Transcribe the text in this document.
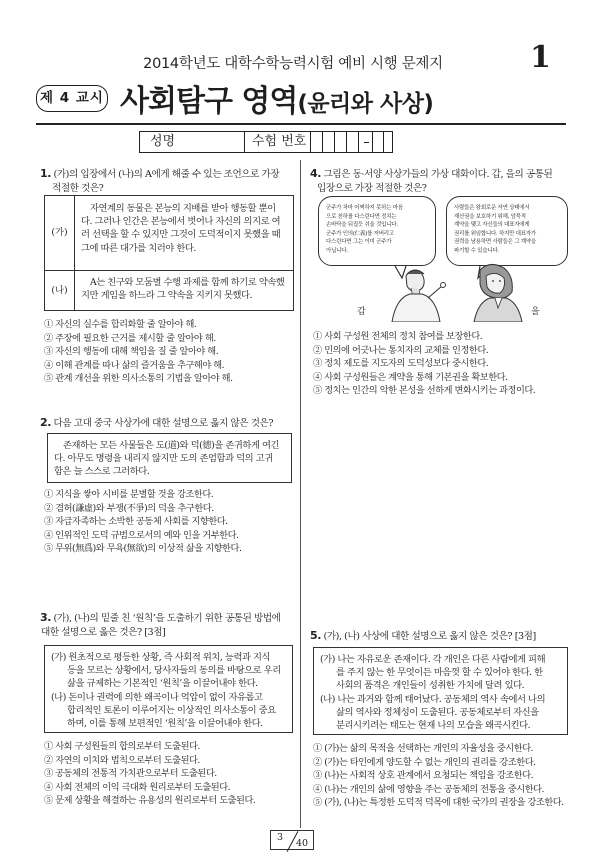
2014학년도 대학수학능력시험 예비 시행 문제지	1
제 4 교시 사회탐구 영역(윤리와 사상)
성명	수험 번호
1. (가)의 입장에서 (나)의 A에게 해줄 수 있는 조언으로 가장
적절한 것은?
(가)
자연계의 동물은 본능의 지배를 받아 행동할 뿐이
다. 그러나 인간은 본능에서 벗어나 자신의 의지로 여
러 선택을 할 수 있지만 그것이 도덕적이지 못했을 때
그에 따른 대가를 치러야 한다.
(나)
A는 친구와 모둠별 수행 과제를 함께 하기로 약속했
지만 게임을 하느라 그 약속을 지키지 못했다.
① 자신의 실수를 합리화할 줄 알아야 해.
② 주장에 필요한 근거를 제시할 줄 알아야 해.
③ 자신의 행동에 대해 책임을 질 줄 알아야 해.
④ 이해 관계를 따나 삶의 즐거움을 추구해야 해.
⑤ 관계 개선을 위한 의사소통의 기법을 알아야 해.
2. 다음 고대 중국 사상가에 대한 설명으로 옳지 않은 것은?
존재하는 모든 사물들은 도(道)와 덕(德)을 존귀하게 여긴
다. 아무도 명령을 내리지 않지만 도의 존엄함과 덕의 고귀
함은 늘 스스로 그러하다.
① 지식을 쌓아 시비를 분별할 것을 강조한다.
② 겸허(謙虛)와 부쟁(不爭)의 덕을 추구한다.
③ 자급자족하는 소박한 공동체 사회를 지향한다.
④ 인위적인 도덕 규범으로서의 예와 인을 거부한다.
⑤ 무위(無爲)와 무욕(無欲)의 이상적 삶을 지향한다.
3. (가), (나)의 밑줄 친 ‘원칙’을 도출하기 위한 공통된 방법에
대한 설명으로 옳은 것은? [3점]
(가) 원초적으로 평등한 상황, 즉 사회적 위치, 능력과 지식
등을 모르는 상황에서, 당사자들의 동의를 바탕으로 우리
삶을 규제하는 기본적인 ‘원칙’을 이끌어내야 한다.
(나) 돈이나 권력에 의한 왜곡이나 억압이 없이 자유롭고
합리적인 토론이 이루어지는 이상적인 의사소통이 중요
하며, 이를 통해 보편적인 ‘원칙’을 이끌어내야 한다.
① 사회 구성원들의 합의로부터 도출된다.
② 자연의 이치와 법칙으로부터 도출된다.
③ 공동체의 전통적 가치관으로부터 도출된다.
④ 사회 전체의 이익 극대화 원리로부터 도출된다.
⑤ 문제 상황을 해결하는 유용성의 원리로부터 도출된다.
4. 그림은 동·서양 사상가들의 가상 대화이다. 갑, 을의 공통된
입장으로 가장 적절한 것은?
군주가 차마 어쩌하지 못하는 마음
으로 천하를 다스린다면 정치는
손바닥을 뒤집듯 쉬울 것입니다.
군주가 인의(仁義)를 저버리고
다스린다면 그는 이미 군주가
아닙니다.
사람들은 왕회로운 자연 상태에서
재산권을 보호하기 위해, 암묵적
계약을 맺고 자신들의 대표자에게
권리를 위임합니다. 하지만 대표자가
권력을 남용하면 사람들은 그 계약을
파기할 수 있습니다.
갑	을
① 사회 구성원 전체의 정치 참여를 보장한다.
② 민의에 어긋나는 통치자의 교체를 인정한다.
③ 정치 제도를 지도자의 도덕성보다 중시한다.
④ 사회 구성원들은 계약을 통해 기본권을 확보한다.
⑤ 정치는 인간의 악한 본성을 선하게 변화시키는 과정이다.
5. (가), (나) 사상에 대한 설명으로 옳지 않은 것은? [3점]
(가) 나는 자유로운 존재이다. 각 개인은 다른 사람에게 피해
를 주지 않는 한 무엇이든 마음껏 할 수 있어야 한다. 한
사회의 품격은 개인들이 성취한 가치에 달려 있다.
(나) 나는 과거와 함께 태어났다. 공동체의 역사 속에서 나의
삶의 역사와 정체성이 도출된다. 공동체로부터 자신을
분리시키려는 태도는 현재 나의 모습을 왜곡시킨다.
① (가)는 삶의 목적을 선택하는 개인의 자율성을 중시한다.
② (가)는 타인에게 양도할 수 없는 개인의 권리를 강조한다.
③ (나)는 사회적 상호 관계에서 요청되는 책임을 강조한다.
④ (나)는 개인의 삶에 영향을 주는 공동체의 전통을 중시한다.
⑤ (가), (나)는 특정한 도덕적 덕목에 대한 국가의 권장을 강조한다.
3
40
